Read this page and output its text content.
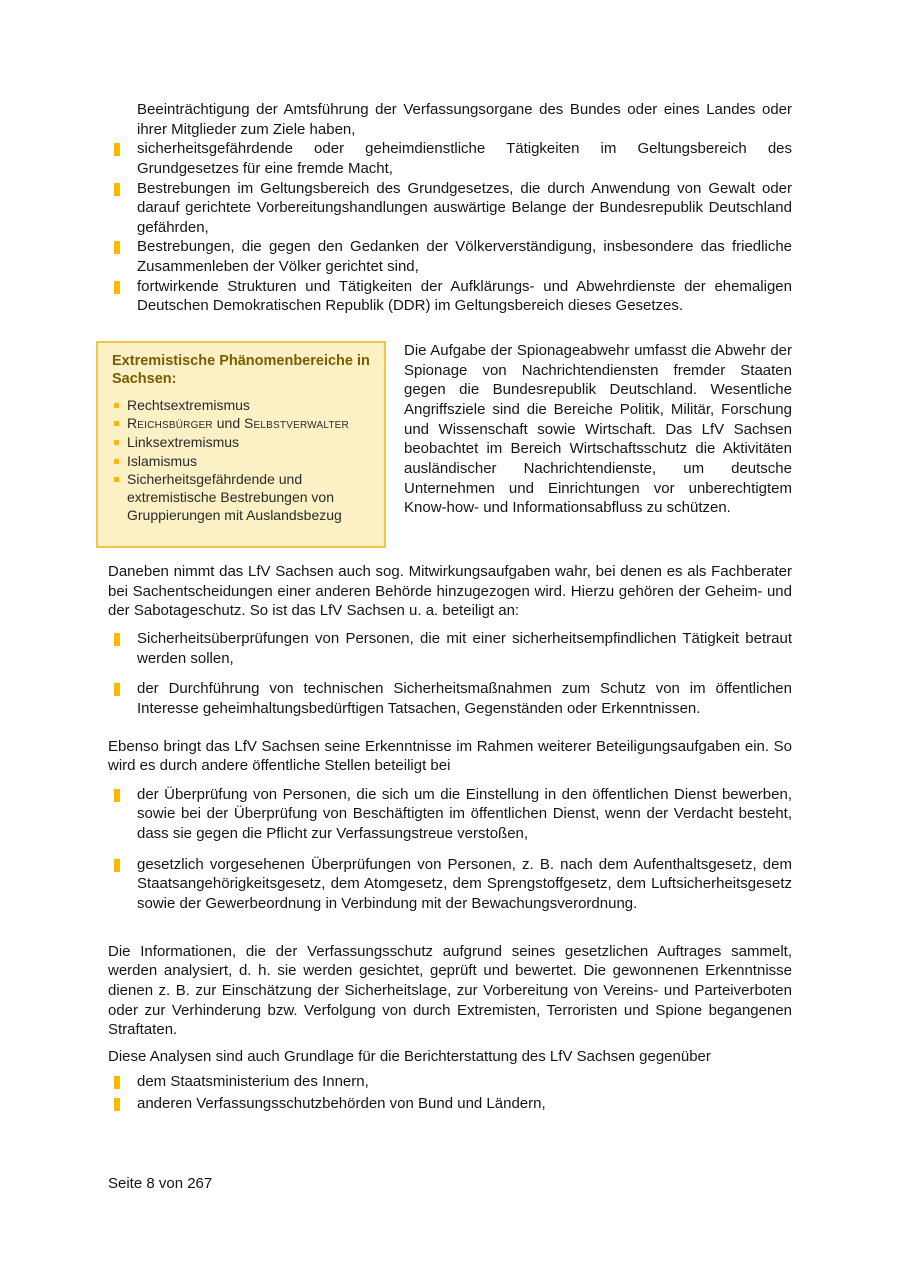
Beeinträchtigung der Amtsführung der Verfassungsorgane des Bundes oder eines Landes oder ihrer Mitglieder zum Ziele haben,
sicherheitsgefährdende oder geheimdienstliche Tätigkeiten im Geltungsbereich des Grundgesetzes für eine fremde Macht,
Bestrebungen im Geltungsbereich des Grundgesetzes, die durch Anwendung von Gewalt oder darauf gerichtete Vorbereitungshandlungen auswärtige Belange der Bundesrepublik Deutschland gefährden,
Bestrebungen, die gegen den Gedanken der Völkerverständigung, insbesondere das friedliche Zusammenleben der Völker gerichtet sind,
fortwirkende Strukturen und Tätigkeiten der Aufklärungs- und Abwehrdienste der ehemaligen Deutschen Demokratischen Republik (DDR) im Geltungsbereich dieses Gesetzes.
Extremistische Phänomenbereiche in Sachsen:
Rechtsextremismus
Reichsbürger und Selbstverwalter
Linksextremismus
Islamismus
Sicherheitsgefährdende und extremistische Bestrebungen von Gruppierungen mit Auslandsbezug

Die Aufgabe der Spionageabwehr umfasst die Abwehr der Spionage von Nachrichtendiensten fremder Staaten gegen die Bundesrepublik Deutschland. Wesentliche Angriffsziele sind die Bereiche Politik, Militär, Forschung und Wissenschaft sowie Wirtschaft. Das LfV Sachsen beobachtet im Bereich Wirtschaftsschutz die Aktivitäten ausländischer Nachrichtendienste, um deutsche Unternehmen und Einrichtungen vor unberechtigtem Know-how- und Informationsabfluss zu schützen.

Daneben nimmt das LfV Sachsen auch sog. Mitwirkungsaufgaben wahr, bei denen es als Fachberater bei Sachentscheidungen einer anderen Behörde hinzugezogen wird. Hierzu gehören der Geheim- und der Sabotageschutz. So ist das LfV Sachsen u. a. beteiligt an:

Sicherheitsüberprüfungen von Personen, die mit einer sicherheitsempfindlichen Tätigkeit betraut werden sollen,
der Durchführung von technischen Sicherheitsmaßnahmen zum Schutz von im öffentlichen Interesse geheimhaltungsbedürftigen Tatsachen, Gegenständen oder Erkenntnissen.

Ebenso bringt das LfV Sachsen seine Erkenntnisse im Rahmen weiterer Beteiligungsaufgaben ein. So wird es durch andere öffentliche Stellen beteiligt bei

der Überprüfung von Personen, die sich um die Einstellung in den öffentlichen Dienst bewerben, sowie bei der Überprüfung von Beschäftigten im öffentlichen Dienst, wenn der Verdacht besteht, dass sie gegen die Pflicht zur Verfassungstreue verstoßen,
gesetzlich vorgesehenen Überprüfungen von Personen, z. B. nach dem Aufenthaltsgesetz, dem Staatsangehörigkeitsgesetz, dem Atomgesetz, dem Sprengstoffgesetz, dem Luftsicherheitsgesetz sowie der Gewerbeordnung in Verbindung mit der Bewachungsverordnung.

Die Informationen, die der Verfassungsschutz aufgrund seines gesetzlichen Auftrages sammelt, werden analysiert, d. h. sie werden gesichtet, geprüft und bewertet. Die gewonnenen Erkenntnisse dienen z. B. zur Einschätzung der Sicherheitslage, zur Vorbereitung von Vereins- und Parteiverboten oder zur Verhinderung bzw. Verfolgung von durch Extremisten, Terroristen und Spione begangenen Straftaten.

Diese Analysen sind auch Grundlage für die Berichterstattung des LfV Sachsen gegenüber

dem Staatsministerium des Innern,
anderen Verfassungsschutzbehörden von Bund und Ländern,
Seite 8 von 267
